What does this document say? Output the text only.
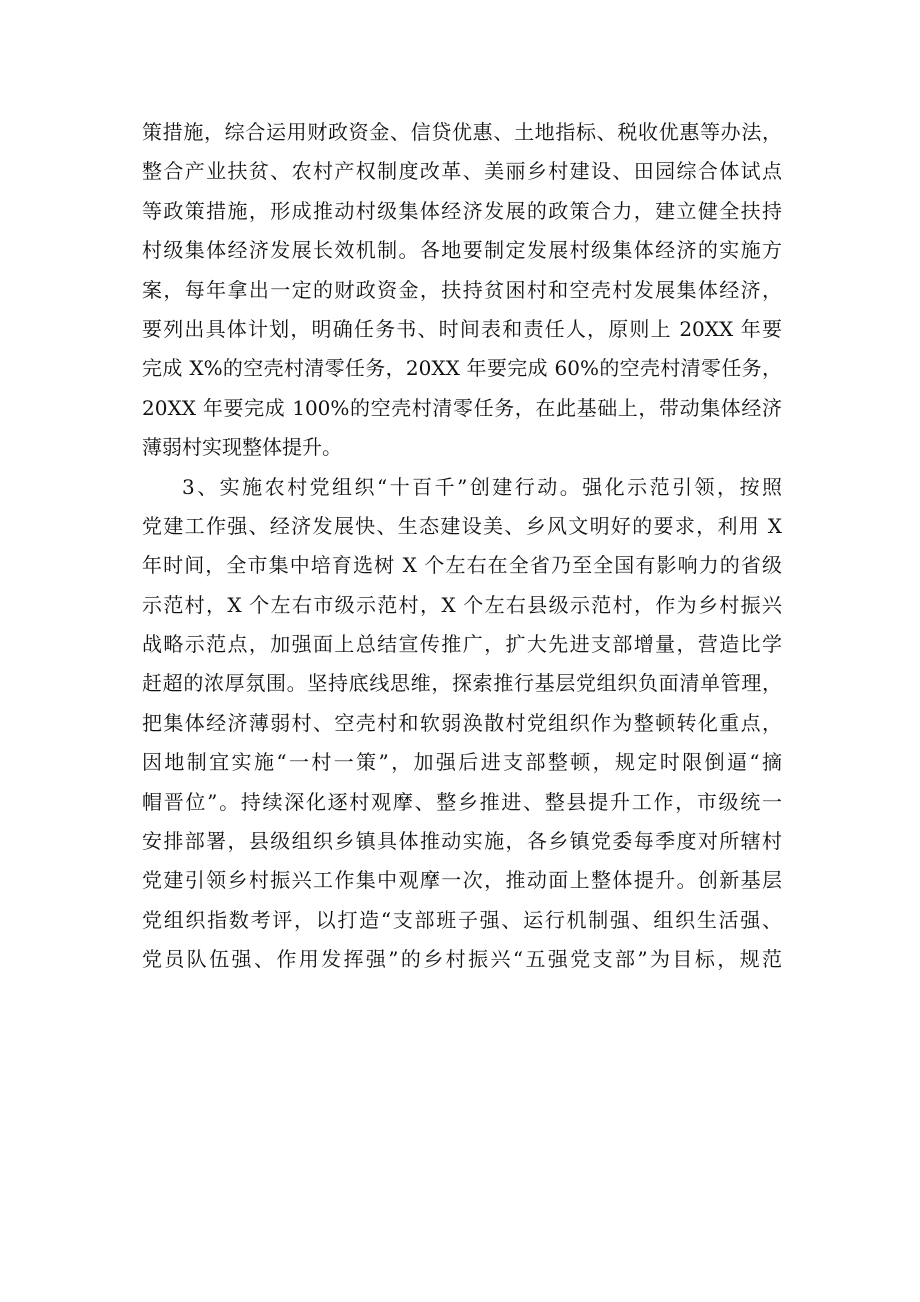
策措施，综合运用财政资金、信贷优惠、土地指标、税收优惠等办法，
整合产业扶贫、农村产权制度改革、美丽乡村建设、田园综合体试点
等政策措施，形成推动村级集体经济发展的政策合力，建立健全扶持
村级集体经济发展长效机制。各地要制定发展村级集体经济的实施方
案，每年拿出一定的财政资金，扶持贫困村和空壳村发展集体经济，
要列出具体计划，明确任务书、时间表和责任人，原则上 20XX 年要
完成 X%的空壳村清零任务，20XX 年要完成 60%的空壳村清零任务，
20XX 年要完成 100%的空壳村清零任务，在此基础上，带动集体经济
薄弱村实现整体提升。
3、实施农村党组织“十百千”创建行动。强化示范引领，按照
党建工作强、经济发展快、生态建设美、乡风文明好的要求，利用 X
年时间，全市集中培育选树 X 个左右在全省乃至全国有影响力的省级
示范村，X 个左右市级示范村，X 个左右县级示范村，作为乡村振兴
战略示范点，加强面上总结宣传推广，扩大先进支部增量，营造比学
赶超的浓厚氛围。坚持底线思维，探索推行基层党组织负面清单管理，
把集体经济薄弱村、空壳村和软弱涣散村党组织作为整顿转化重点，
因地制宜实施“一村一策”，加强后进支部整顿，规定时限倒逼“摘
帽晋位”。持续深化逐村观摩、整乡推进、整县提升工作，市级统一
安排部署，县级组织乡镇具体推动实施，各乡镇党委每季度对所辖村
党建引领乡村振兴工作集中观摩一次，推动面上整体提升。创新基层
党组织指数考评，以打造“支部班子强、运行机制强、组织生活强、
党员队伍强、作用发挥强”的乡村振兴“五强党支部”为目标，规范
